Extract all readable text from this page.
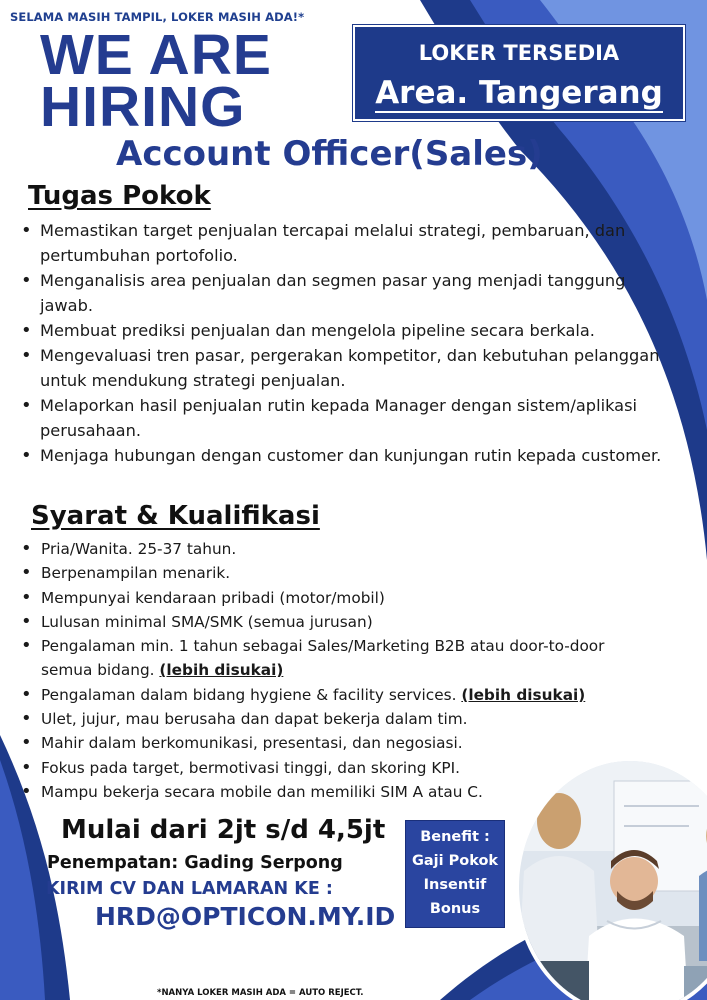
SELAMA MASIH TAMPIL, LOKER MASIH ADA!*
WE ARE
HIRING
LOKER TERSEDIA
Area. Tangerang
Account Officer(Sales)
Tugas Pokok
• Memastikan target penjualan tercapai melalui strategi, pembaruan, dan pertumbuhan portofolio.
• Menganalisis area penjualan dan segmen pasar yang menjadi tanggung jawab.
• Membuat prediksi penjualan dan mengelola pipeline secara berkala.
• Mengevaluasi tren pasar, pergerakan kompetitor, dan kebutuhan pelanggan untuk mendukung strategi penjualan.
• Melaporkan hasil penjualan rutin kepada Manager dengan sistem/aplikasi perusahaan.
• Menjaga hubungan dengan customer dan kunjungan rutin kepada customer.
Syarat & Kualifikasi
• Pria/Wanita. 25-37 tahun.
• Berpenampilan menarik.
• Mempunyai kendaraan pribadi (motor/mobil)
• Lulusan minimal SMA/SMK (semua jurusan)
• Pengalaman min. 1 tahun sebagai Sales/Marketing B2B atau door-to-door semua bidang. (lebih disukai)
• Pengalaman dalam bidang hygiene & facility services. (lebih disukai)
• Ulet, jujur, mau berusaha dan dapat bekerja dalam tim.
• Mahir dalam berkomunikasi, presentasi, dan negosiasi.
• Fokus pada target, bermotivasi tinggi, dan skoring KPI.
• Mampu bekerja secara mobile dan memiliki SIM A atau C.
Mulai dari 2jt s/d 4,5jt
Penempatan: Gading Serpong
KIRIM CV DAN LAMARAN KE :
HRD@OPTICON.MY.ID
Benefit :
Gaji Pokok
Insentif
Bonus
*NANYA LOKER MASIH ADA = AUTO REJECT.
